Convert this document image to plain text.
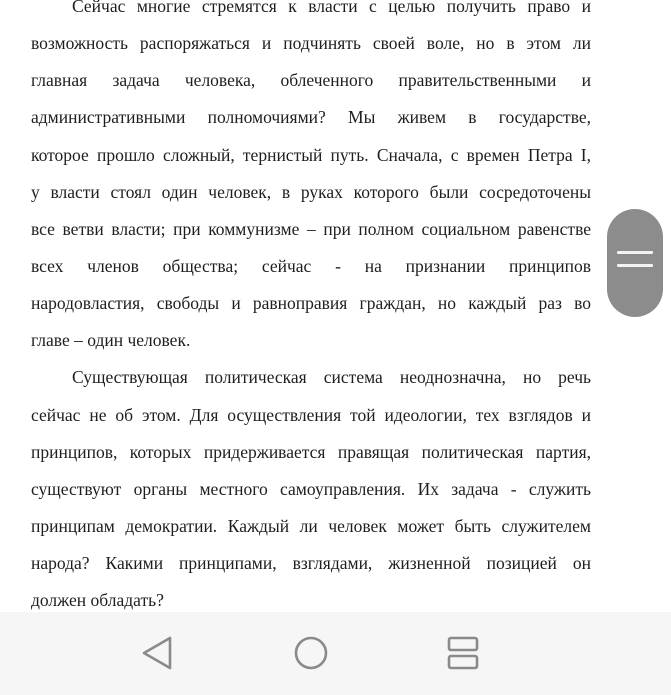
Сейчас многие стремятся к власти с целью получить право и
возможность распоряжаться и подчинять своей воле, но в этом ли
главная задача человека, облеченного правительственными и
административными полномочиями? Мы живем в государстве,
которое прошло сложный, тернистый путь. Сначала, с времен Петра I,
у власти стоял один человек, в руках которого были сосредоточены
все ветви власти; при коммунизме – при полном социальном равенстве
всех членов общества; сейчас - на признании принципов
народовластия, свободы и равноправия граждан, но каждый раз во
главе – один человек.
Существующая политическая система неоднозначна, но речь
сейчас не об этом. Для осуществления той идеологии, тех взглядов и
принципов, которых придерживается правящая политическая партия,
существуют органы местного самоуправления. Их задача - служить
принципам демократии. Каждый ли человек может быть служителем
народа? Какими принципами, взглядами, жизненной позицией он
должен обладать?
